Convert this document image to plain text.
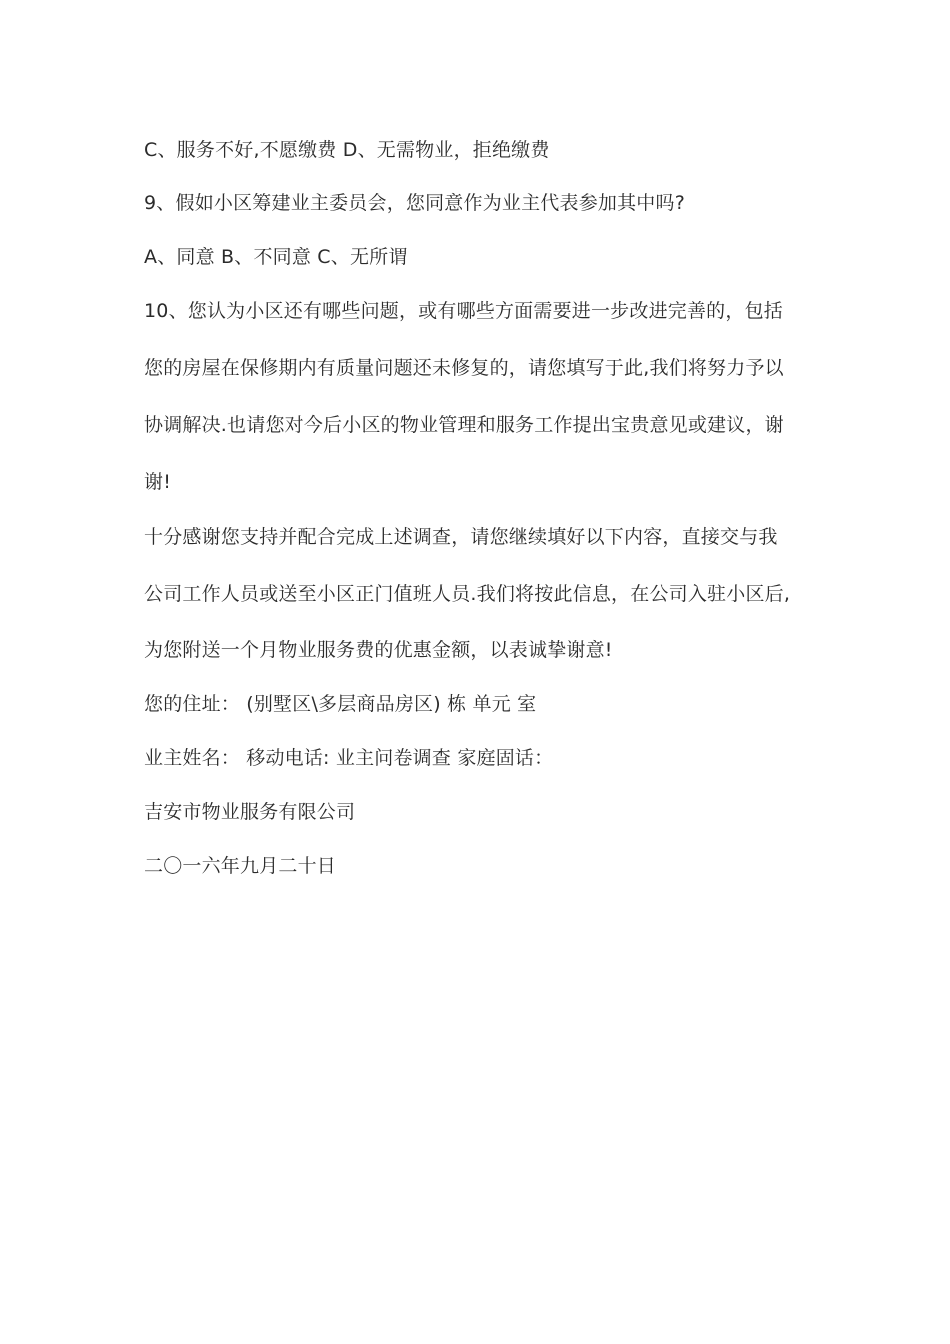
C、服务不好,不愿缴费 D、无需物业，拒绝缴费
9、假如小区筹建业主委员会，您同意作为业主代表参加其中吗?
A、同意 B、不同意 C、无所谓
10、您认为小区还有哪些问题，或有哪些方面需要进一步改进完善的，包括
您的房屋在保修期内有质量问题还未修复的，请您填写于此,我们将努力予以
协调解决.也请您对今后小区的物业管理和服务工作提出宝贵意见或建议，谢
谢!
十分感谢您支持并配合完成上述调查，请您继续填好以下内容，直接交与我
公司工作人员或送至小区正门值班人员.我们将按此信息，在公司入驻小区后,
为您附送一个月物业服务费的优惠金额，以表诚挚谢意!
您的住址： (别墅区\多层商品房区) 栋 单元 室
业主姓名： 移动电话: 业主问卷调查 家庭固话：
吉安市物业服务有限公司
二〇一六年九月二十日
